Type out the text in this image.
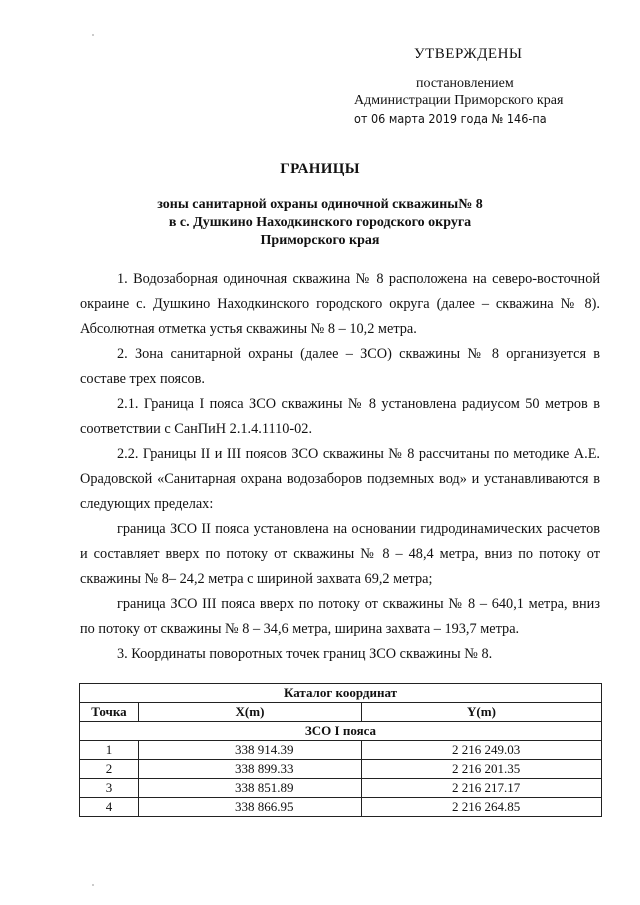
УТВЕРЖДЕНЫ
постановлением
Администрации Приморского края
от 06 марта 2019 года № 146-па
ГРАНИЦЫ
зоны санитарной охраны одиночной скважины№ 8
в с. Душкино Находкинского городского округа
Приморского края

1. Водозаборная одиночная скважина № 8 расположена на северо-восточной окраине с. Душкино Находкинского городского округа (далее – скважина № 8). Абсолютная отметка устья скважины № 8 – 10,2 метра.

2. Зона санитарной охраны (далее – ЗСО) скважины № 8 организуется в составе трех поясов.

2.1. Граница I пояса ЗСО скважины № 8 установлена радиусом 50 метров в соответствии с СанПиН 2.1.4.1110-02.

2.2. Границы II и III поясов ЗСО скважины № 8 рассчитаны по методике А.Е. Орадовской «Санитарная охрана водозаборов подземных вод» и устанавливаются в следующих пределах:

граница ЗСО II пояса установлена на основании гидродинамических расчетов и составляет вверх по потоку от скважины № 8 – 48,4 метра, вниз по потоку от скважины № 8– 24,2 метра с шириной захвата 69,2 метра;

граница ЗСО III пояса вверх по потоку от скважины № 8 – 640,1 метра, вниз по потоку от скважины № 8 – 34,6 метра, ширина захвата – 193,7 метра.

3. Координаты поворотных точек границ ЗСО скважины № 8.

Каталог координат		
Точка	X(m)	Y(m)
ЗСО I пояса		
1	338 914.39	2 216 249.03
2	338 899.33	2 216 201.35
3	338 851.89	2 216 217.17
4	338 866.95	2 216 264.85
